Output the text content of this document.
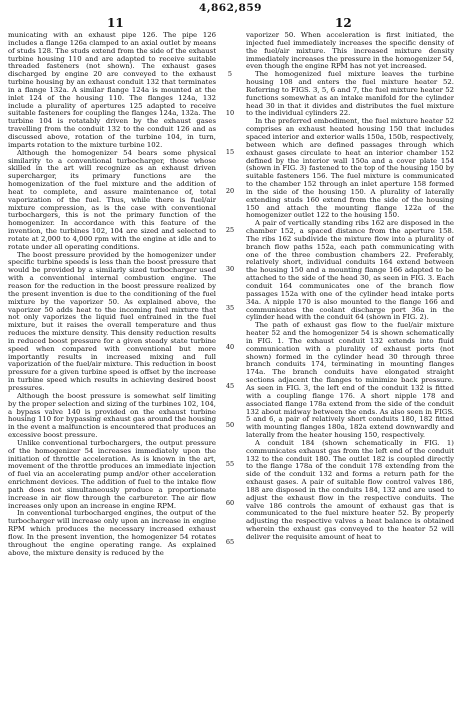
4,862,859
11	12

municating with an exhaust pipe 126. The pipe 126 includes a flange 126a clamped to an axial outlet by means of studs 128. The studs extend from the side of the exhaust turbine housing 110 and are adapted to receive suitable threaded fasteners (not shown). The exhaust gases discharged by engine 20 are conveyed to the exhaust turbine housing by an exhaust conduit 132 that terminates in a flange 132a. A similar flange 124a is mounted at the inlet 124 of the housing 110. The flanges 124a, 132 include a plurality of apertures 125 adapted to receive suitable fasteners for coupling the flanges 124a, 132a. The turbine 104 is rotatably driven by the exhaust gases travelling from the conduit 132 to the conduit 126 and as discussed above, rotation of the turbine 104, in turn, imparts rotation to the mixture turbine 102.

Although the homogenizer 54 bears some physical similarity to a conventional turbocharger, those whose skilled in the art will recognize as an exhaust driven supercharger, its primary functions are the homogenization of the fuel mixture and the addition of heat to complete, and assure maintenance of, total vaporization of the fuel. Thus, while there is fuel/air mixture compression, as is the case with conventional turbochargers, this is not the primary function of the homogenizer. In accordance with this feature of the invention, the turbines 102, 104 are sized and selected to rotate at 2,000 to 4,000 rpm with the engine at idle and to rotate under all operating conditions.

The boost pressure provided by the homogenizer under specific turbine speeds is less than the boost pressure that would be provided by a similarly sized turbocharger used with a conventional internal combustion engine. The reason for the reduction in the boost pressure realized by the present invention is due to the conditioning of the fuel mixture by the vaporizer 50. As explained above, the vaporizer 50 adds heat to the incoming fuel mixture that not only vaporizes the liquid fuel entrained in the fuel mixture, but it raises the overall temperature and thus reduces the mixture density. This density reduction results in reduced boost pressure for a given steady state turbine speed when compared with conventional but more importantly results in increased mixing and full vaporization of the fuel/air mixture. This reduction in boost pressure for a given turbine speed is offset by the increase in turbine speed which results in achieving desired boost pressures.

Although the boost pressure is somewhat self limiting by the proper selection and sizing of the turbines 102, 104, a bypass valve 140 is provided on the exhaust turbine housing 110 for bypassing exhaust gas around the housing in the event a malfunction is encountered that produces an excessive boost pressure.

Unlike conventional turbochargers, the output pressure of the homogenizer 54 increases immediately upon the initiation of throttle acceleration. As is known in the art, movement of the throttle produces an immediate injection of fuel via an accelerating pump and/or other acceleration enrichment devices. The addition of fuel to the intake flow path does not simultaneously produce a proportionate increase in air flow through the carburetor. The air flow increases only upon an increase in engine RPM.

In conventional turbocharged engines, the output of the turbocharger will increase only upon an increase in engine RPM which produces the necessary increased exhaust flow. In the present invention, the homogenizer 54 rotates throughout the engine operating range. As explained above, the mixture density is reduced by the

5
10
15
20
25
30
35
40
45
50
55
60
65

vaporizer 50. When acceleration is first initiated, the injected fuel immediately increases the specific density of the fuel/air mixture. This increased mixture density immediately increases the pressure in the homogenizer 54, even though the engine RPM has not yet increased.

The homogenized fuel mixture leaves the turbine housing 108 and enters the fuel mixture heater 52. Referring to FIGS. 3, 5, 6 and 7, the fuel mixture heater 52 functions somewhat as an intake manifold for the cylinder head 30 in that it divides and distributes the fuel mixture to the individual cylinders 22.

In the preferred embodiment, the fuel mixture heater 52 comprises an exhaust heated housing 150 that includes spaced interior and exterior walls 150a, 150b, respectively, between which are defined passages through which exhaust gases circulate to heat an interior chamber 152 defined by the interior wall 150a and a cover plate 154 (shown in FIG. 3) fastened to the top of the housing 150 by suitable fasteners 156. The fuel mixture is communicated to the chamber 152 through an inlet aperture 158 formed in the side of the housing 150. A plurality of laterally extending studs 160 extend from the side of the housing 150 and attach the mounting flange 122a of the homogenizer outlet 122 to the housing 150.

A pair of vertically standing ribs 162 are disposed in the chamber 152, a spaced distance from the aperture 158. The ribs 162 subdivide the mixture flow into a plurality of branch flow paths 152a, each path communicating with one of the three combustion chambers 22. Preferably, relatively short, individual conduits 164 extend between the housing 150 and a mounting flange 166 adapted to be attached to the side of the head 30, as seen in FIG. 3. Each conduit 164 communicates one of the branch flow passages 152a with one of the cylinder head intake ports 34a. A nipple 170 is also mounted to the flange 166 and communicates the coolant discharge port 36a in the cylinder head with the conduit 64 (shown in FIG. 2).

The path of exhaust gas flow to the fuel/air mixture heater 52 and the homogenizer 54 is shown schematically in FIG. 1. The exhaust conduit 132 extends into fluid communication with a plurality of exhaust ports (not shown) formed in the cylinder head 30 through three branch conduits 174, terminating in mounting flanges 174a. The branch conduits have elongated straight sections adjacent the flanges to minimize back pressure. As seen in FIG. 3, the left end of the conduit 132 is fitted with a coupling flange 176. A short nipple 178 and associated flange 178a extend from the side of the conduit 132 about midway between the ends. As also seen in FIGS. 5 and 6, a pair of relatively short conduits 180, 182 fitted with mounting flanges 180a, 182a extend downwardly and laterally from the heater housing 150, respectively.

A conduit 184 (shown schematically in FIG. 1) communicates exhaust gas from the left end of the conduit 132 to the conduit 180. The outlet 182 is coupled directly to the flange 178a of the conduit 178 extending from the side of the conduit 132 and forms a return path for the exhaust gases. A pair of suitable flow control valves 186, 188 are disposed in the conduits 184, 132 and are used to adjust the exhaust flow in the respective conduits. The valve 186 controls the amount of exhaust gas that is communicated to the fuel mixture heater 52. By properly adjusting the respective valves a heat balance is obtained wherein the exhaust gas conveyed to the heater 52 will deliver the requisite amount of heat to
